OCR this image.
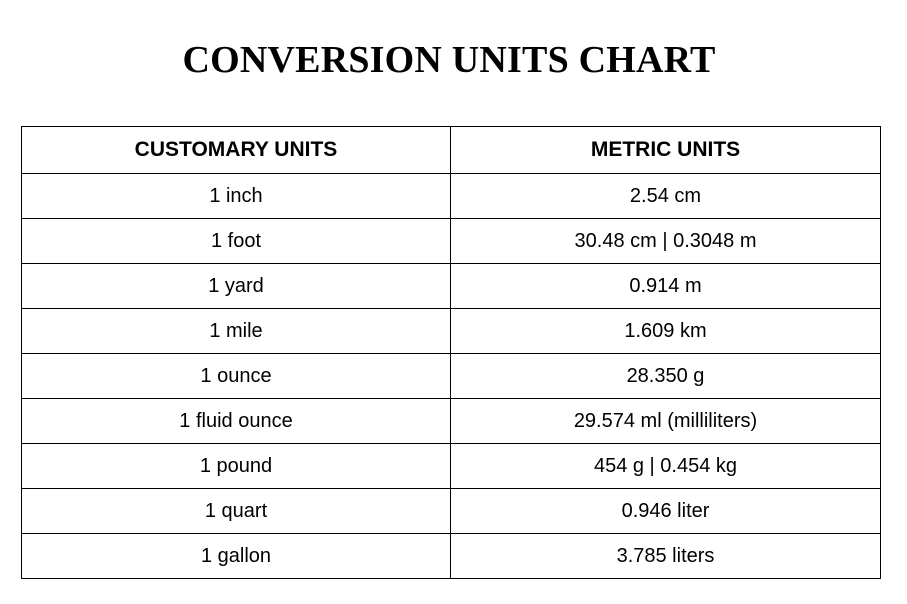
CONVERSION UNITS CHART
CUSTOMARY UNITS	METRIC UNITS
1 inch	2.54 cm
1 foot	30.48 cm | 0.3048 m
1 yard	0.914 m
1 mile	1.609 km
1 ounce	28.350 g
1 fluid ounce	29.574 ml (milliliters)
1 pound	454 g | 0.454 kg
1 quart	0.946 liter
1 gallon	3.785 liters
